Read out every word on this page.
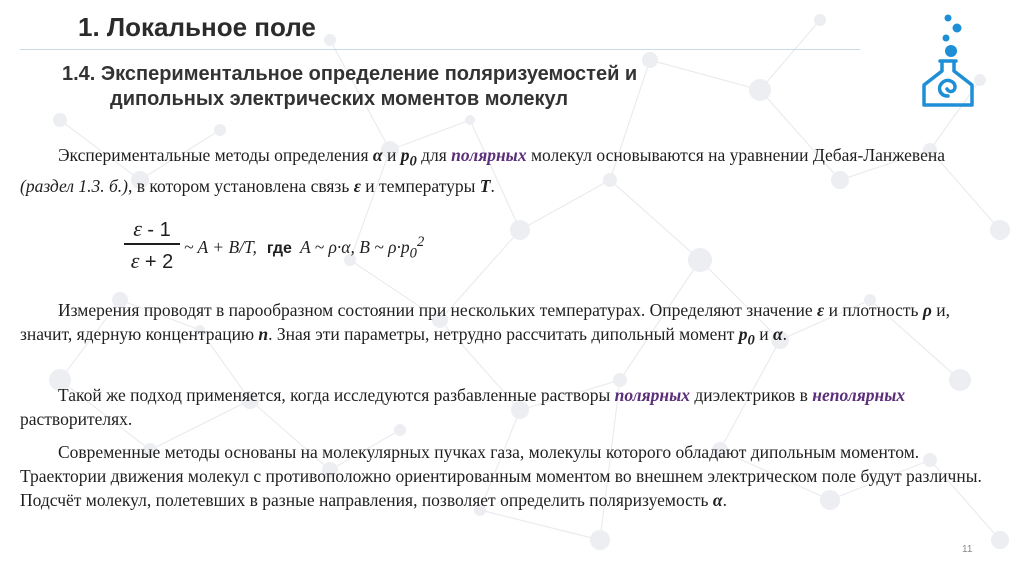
1. Локальное поле
1.4. Экспериментальное определение поляризуемостей и
дипольных электрических моментов молекул

Экспериментальные методы определения α и $p_0$ для полярных молекул основываются на уравнении Дебая-Ланжевена (раздел 1.3. б.), в котором установлена связь ε и температуры T.

ε - 1
ε + 2
~ A + B/T, где A ~ ρ·α, B ~ $\rho\cdot p_0^2$

Измерения проводят в парообразном состоянии при нескольких температурах. Определяют значение ε и плотность ρ и, значит, ядерную концентрацию n. Зная эти параметры, нетрудно рассчитать дипольный момент $p_0$ и α.

Такой же подход применяется, когда исследуются разбавленные растворы полярных диэлектриков в неполярных растворителях.

Современные методы основаны на молекулярных пучках газа, молекулы которого обладают дипольным моментом. Траектории движения молекул с противоположно ориентированным моментом во внешнем электрическом поле будут различны. Подсчёт молекул, полетевших в разные направления, позволяет определить поляризуемость α.

11
